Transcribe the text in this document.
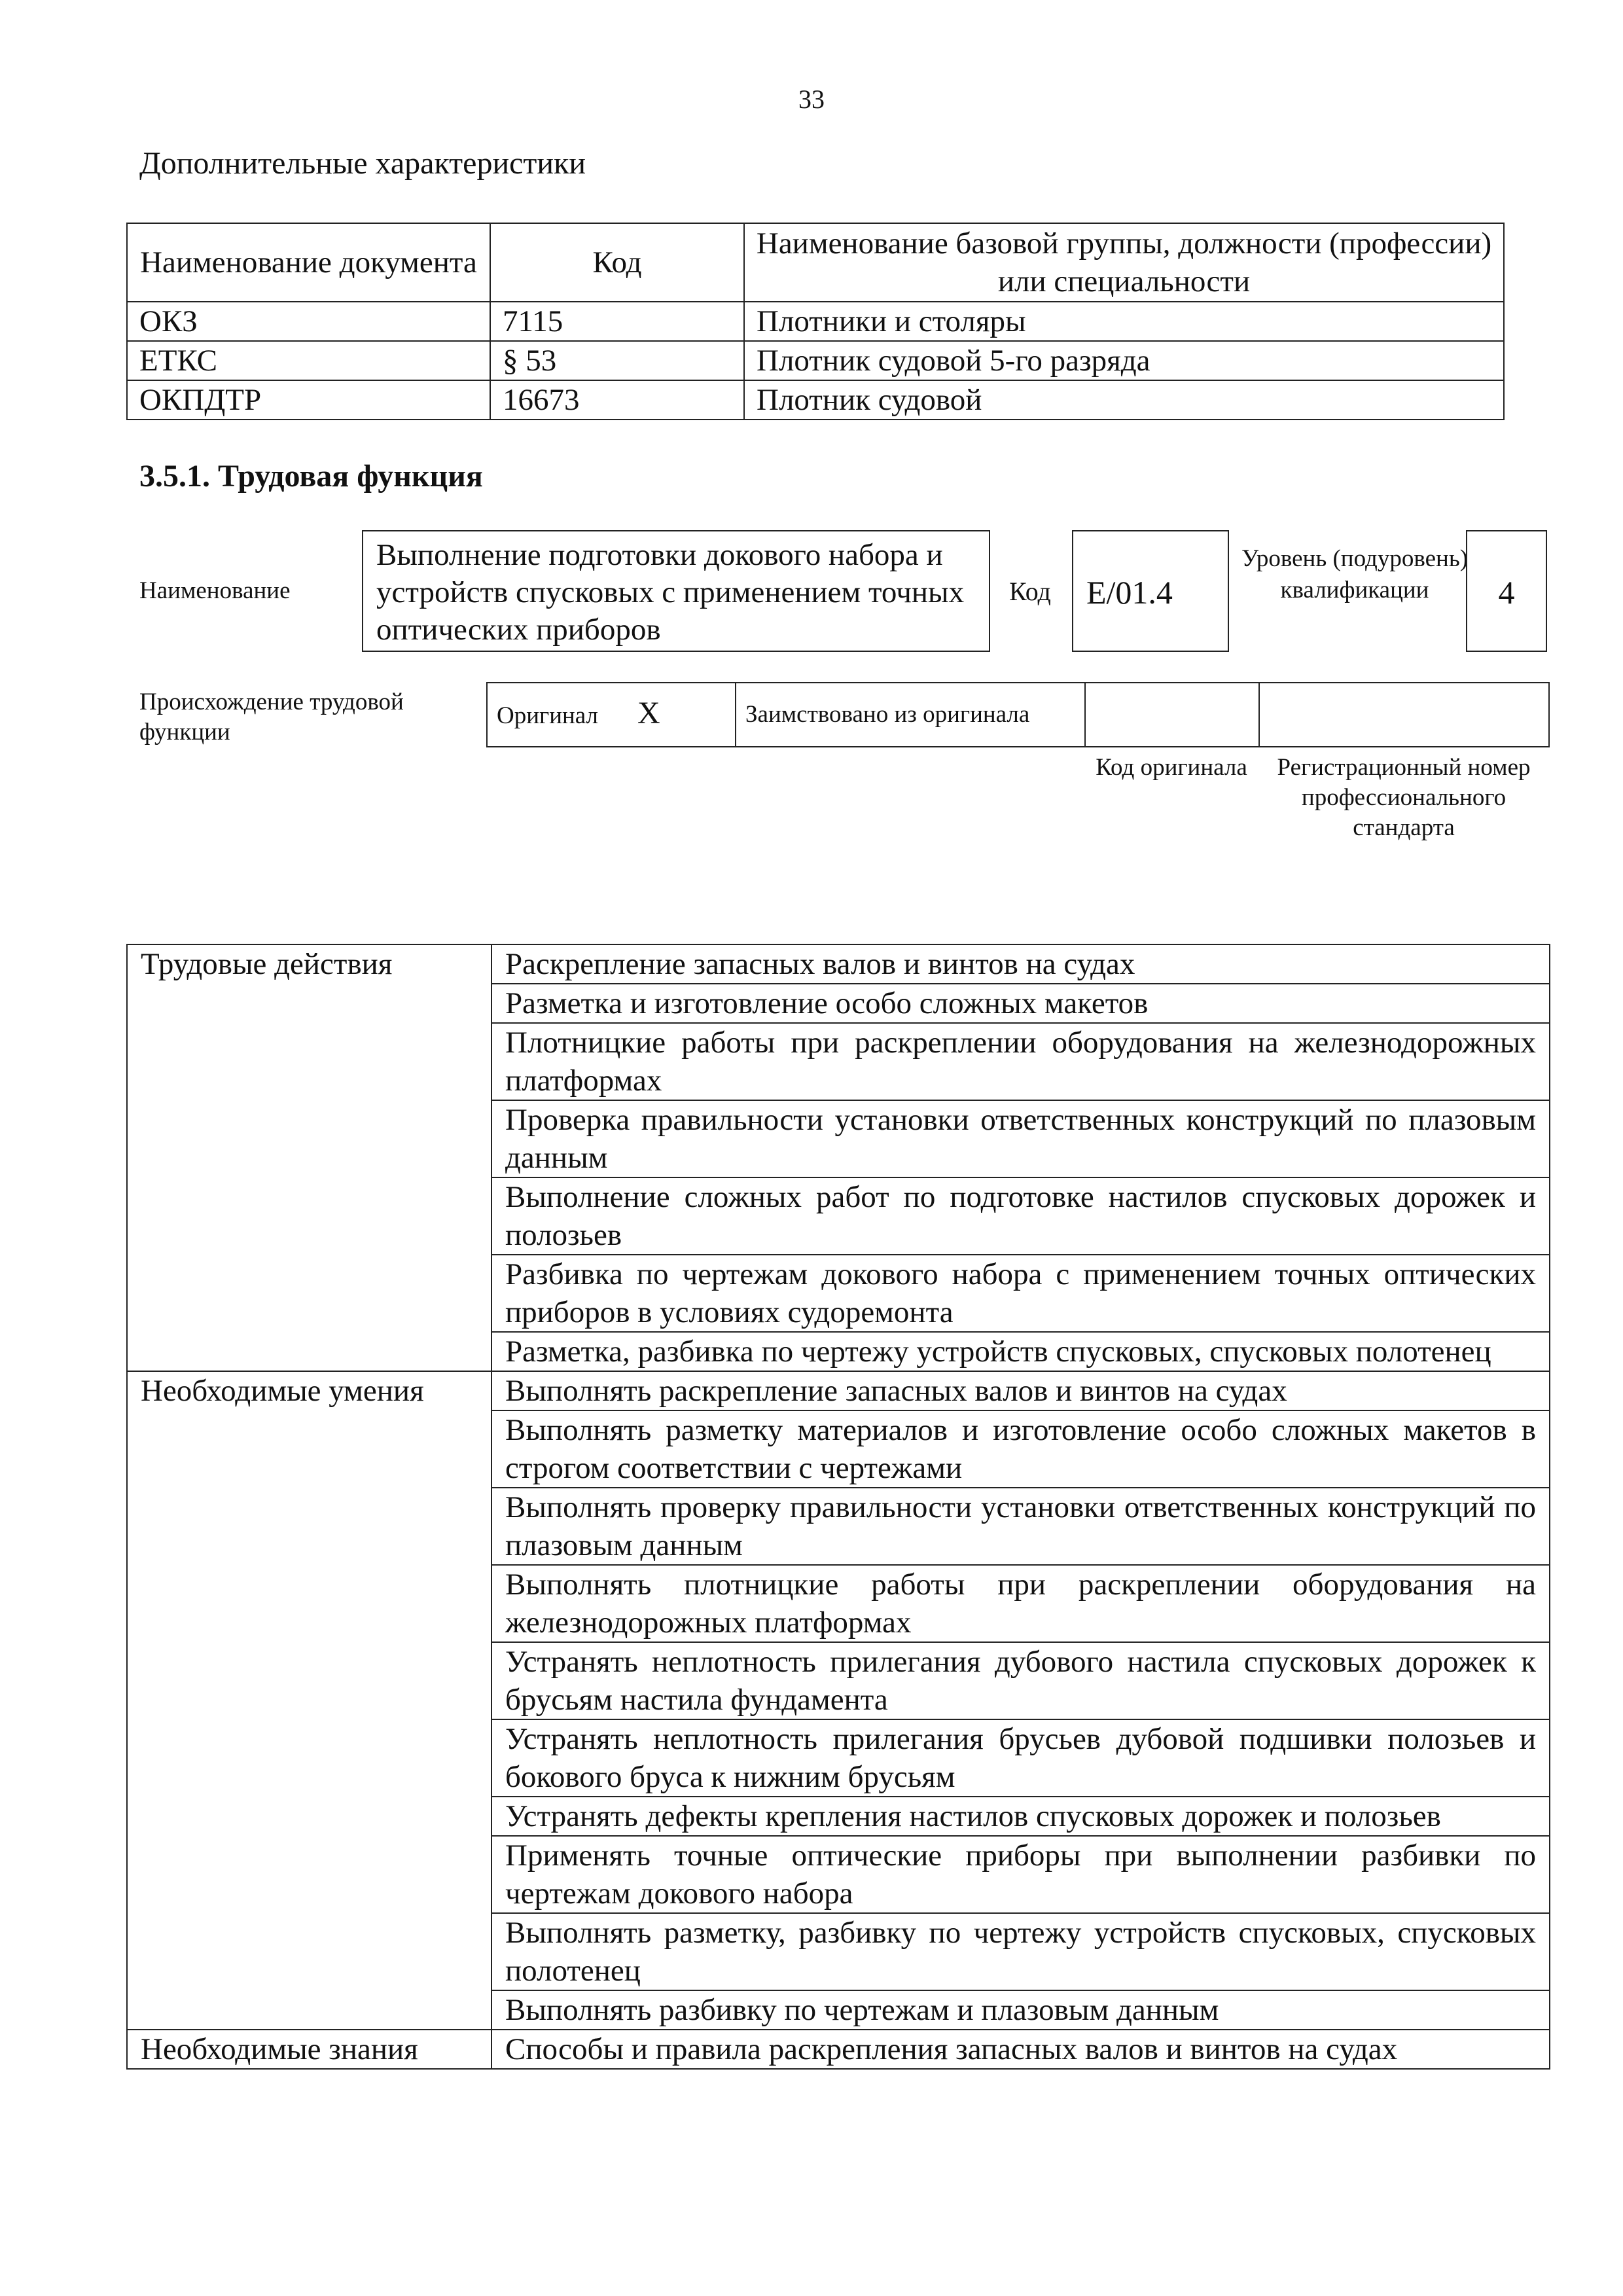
33
Дополнительные характеристики
Наименование документа	Код	Наименование базовой группы, должности (профессии) или специальности
ОКЗ	7115	Плотники и столяры
ЕТКС	§ 53	Плотник судовой 5-го разряда
ОКПДТР	16673	Плотник судовой
3.5.1. Трудовая функция
Наименование
Выполнение подготовки докового набора и устройств спусковых с применением точных оптических приборов
Код	E/01.4
Уровень (подуровень) квалификации	4
Происхождение трудовой функции
Оригинал X	Заимствовано из оригинала		
Код оригинала	Регистрационный номер профессионального стандарта
Трудовые действия	Раскрепление запасных валов и винтов на судах
	Разметка и изготовление особо сложных макетов
	Плотницкие работы при раскреплении оборудования на железнодорожных платформах
	Проверка правильности установки ответственных конструкций по плазовым данным
	Выполнение сложных работ по подготовке настилов спусковых дорожек и полозьев
	Разбивка по чертежам докового набора с применением точных оптических приборов в условиях судоремонта
	Разметка, разбивка по чертежу устройств спусковых, спусковых полотенец
Необходимые умения	Выполнять раскрепление запасных валов и винтов на судах
	Выполнять разметку материалов и изготовление особо сложных макетов в строгом соответствии с чертежами
	Выполнять проверку правильности установки ответственных конструкций по плазовым данным
	Выполнять плотницкие работы при раскреплении оборудования на железнодорожных платформах
	Устранять неплотность прилегания дубового настила спусковых дорожек к брусьям настила фундамента
	Устранять неплотность прилегания брусьев дубовой подшивки полозьев и бокового бруса к нижним брусьям
	Устранять дефекты крепления настилов спусковых дорожек и полозьев
	Применять точные оптические приборы при выполнении разбивки по чертежам докового набора
	Выполнять разметку, разбивку по чертежу устройств спусковых, спусковых полотенец
	Выполнять разбивку по чертежам и плазовым данным
Необходимые знания	Способы и правила раскрепления запасных валов и винтов на судах
